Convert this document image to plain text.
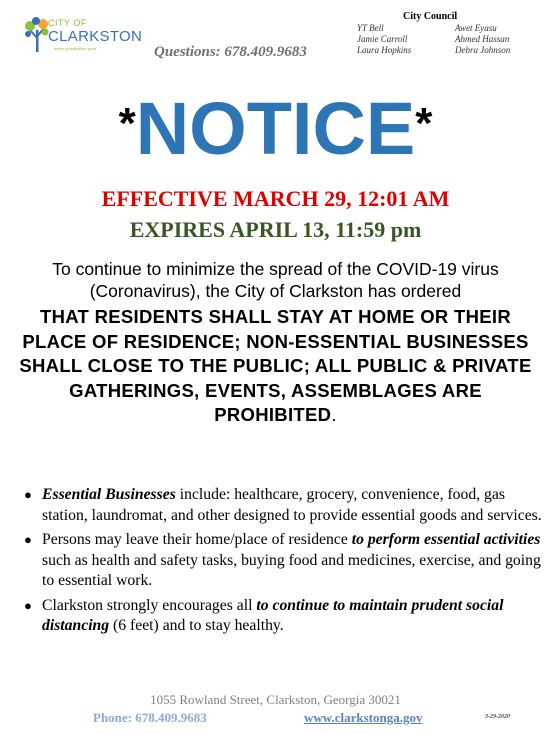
CITY OF
CLARKSTON
where possibilities grow	Questions: 678.409.9683
City Council
YT Bell	Awet Eyasu
Jamie Carroll	Ahmed Hassan
Laura Hopkins	Debra Johnson
*NOTICE*
EFFECTIVE MARCH 29, 12:01 AM
EXPIRES APRIL 13, 11:59 pm
To continue to minimize the spread of the COVID-19 virus (Coronavirus), the City of Clarkston has ordered
THAT RESIDENTS SHALL STAY AT HOME OR THEIR PLACE OF RESIDENCE; NON-ESSENTIAL BUSINESSES SHALL CLOSE TO THE PUBLIC; ALL PUBLIC & PRIVATE GATHERINGS, EVENTS, ASSEMBLAGES ARE PROHIBITED.
● Essential Businesses include: healthcare, grocery, convenience, food, gas station, laundromat, and other designed to provide essential goods and services.
● Persons may leave their home/place of residence to perform essential activities such as health and safety tasks, buying food and medicines, exercise, and going to essential work.
● Clarkston strongly encourages all to continue to maintain prudent social distancing (6 feet) and to stay healthy.
1055 Rowland Street, Clarkston, Georgia 30021
Phone: 678.409.9683	www.clarkstonga.gov	3-29-2020
